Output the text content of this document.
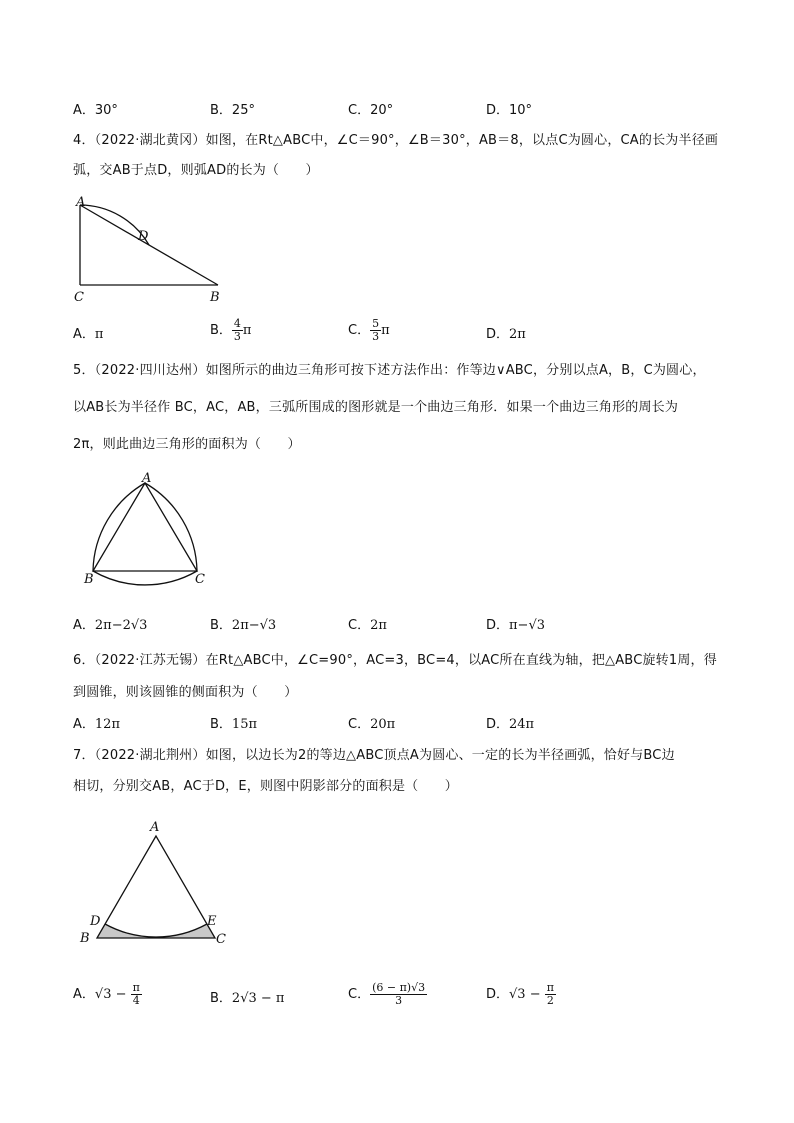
A．30°	B．25°	C．20°	D．10°
4．（2022·湖北黄冈）如图，在Rt△ABC中，∠C＝90°，∠B＝30°，AB＝8，以点C为圆心，CA的长为半径画
弧，交AB于点D，则弧AD的长为（　　）
A
D
C	B
A．π	B． $\frac{4}{3}$ π	C． $\frac{5}{3}$ π	D．2π
5．（2022·四川达州）如图所示的曲边三角形可按下述方法作出：作等边∨ABC，分别以点A，B，C为圆心，
以AB长为半径作 BC，AC，AB，三弧所围成的图形就是一个曲边三角形．如果一个曲边三角形的周长为
2π，则此曲边三角形的面积为（　　）
A
B	C
A．2π−2√3	B．2π−√3	C．2π	D．π−√3
6．（2022·江苏无锡）在Rt△ABC中，∠C=90°，AC=3，BC=4，以AC所在直线为轴，把△ABC旋转1周，得
到圆锥，则该圆锥的侧面积为（　　）
A．12π	B．15π	C．20π	D．24π
7．（2022·湖北荆州）如图，以边长为2的等边△ABC顶点A为圆心、一定的长为半径画弧，恰好与BC边
相切，分别交AB，AC于D，E，则图中阴影部分的面积是（　　）
A
D	E
B	C
A．$√3 - \frac{\pi}{4}$	B．2√3 − π	C． $\frac{(6 - \pi)√3}{3}$	D．$√3 - \frac{\pi}{2}$
